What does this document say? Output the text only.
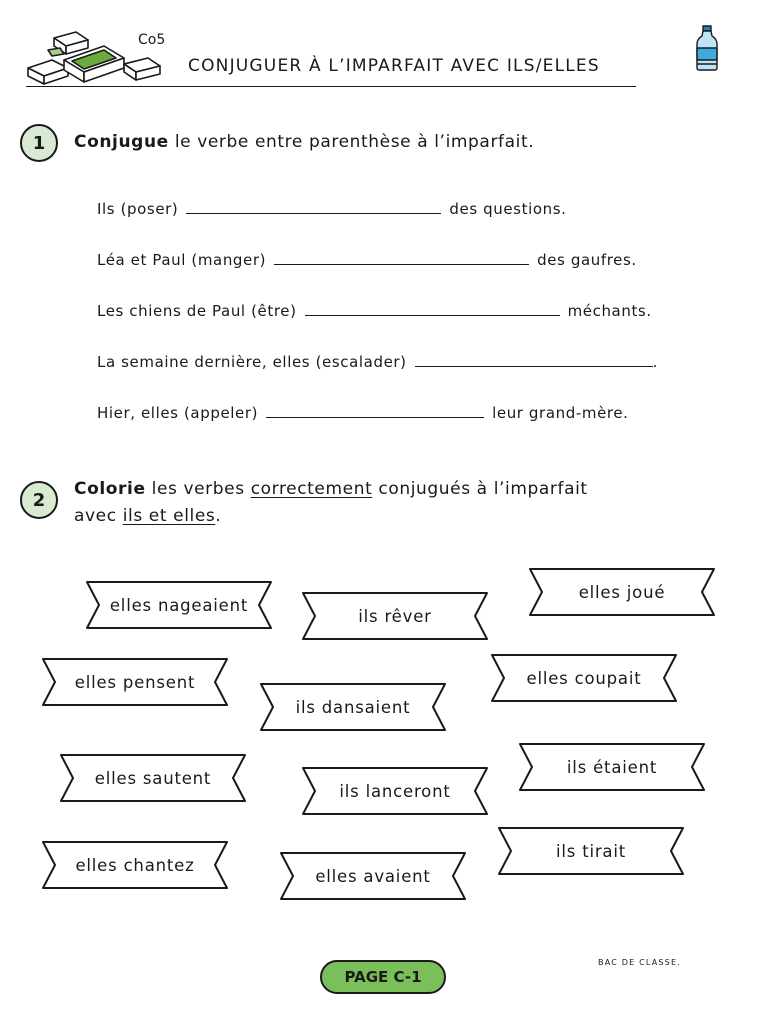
Co5
CONJUGUER À L’IMPARFAIT AVEC ILS/ELLES
1	Conjugue le verbe entre parenthèse à l’imparfait.
Ils (poser)	des questions.
Léa et Paul (manger)	des gaufres.
Les chiens de Paul (être)	méchants.
La semaine dernière, elles (escalader)	.
Hier, elles (appeler)	leur grand-mère.
2
Colorie les verbes correctement conjugués à l’imparfait
avec ils et elles.
elles nageaient
ils rêver
elles joué
elles pensent
ils dansaient
elles coupait
elles sautent
ils lanceront
ils étaient
elles chantez
elles avaient
ils tirait
PAGE C-1
BAC DE CLASSE.
